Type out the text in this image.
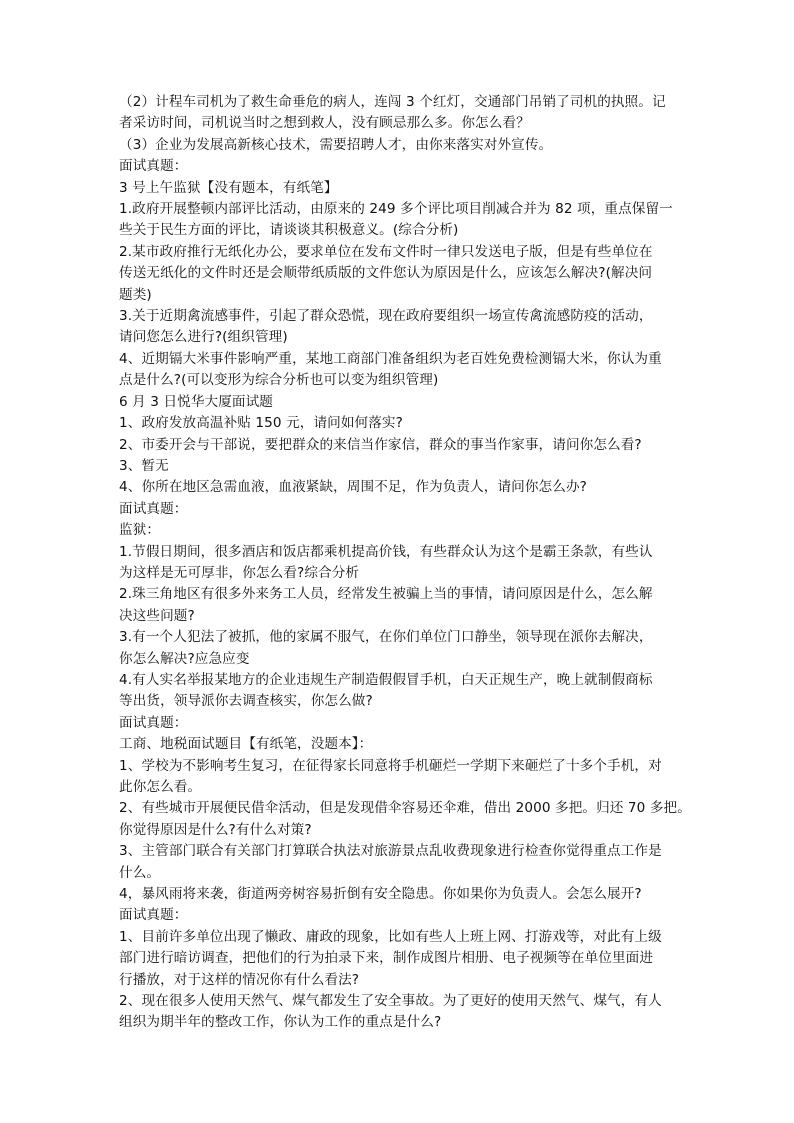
（2）计程车司机为了救生命垂危的病人，连闯 3 个红灯，交通部门吊销了司机的执照。记
者采访时间，司机说当时之想到救人，没有顾忌那么多。你怎么看？
（3）企业为发展高新核心技术，需要招聘人才，由你来落实对外宣传。
面试真题：
3 号上午监狱【没有题本，有纸笔】
1.政府开展整顿内部评比活动，由原来的 249 多个评比项目削减合并为 82 项，重点保留一
些关于民生方面的评比，请谈谈其积极意义。(综合分析)
2.某市政府推行无纸化办公，要求单位在发布文件时一律只发送电子版，但是有些单位在
传送无纸化的文件时还是会顺带纸质版的文件您认为原因是什么，应该怎么解决?(解决问
题类)
3.关于近期禽流感事件，引起了群众恐慌，现在政府要组织一场宣传禽流感防疫的活动，
请问您怎么进行?(组织管理)
4、近期镉大米事件影响严重，某地工商部门准备组织为老百姓免费检测镉大米，你认为重
点是什么?(可以变形为综合分析也可以变为组织管理)
6 月 3 日悦华大厦面试题
1、政府发放高温补贴 150 元，请问如何落实?
2、市委开会与干部说，要把群众的来信当作家信，群众的事当作家事，请问你怎么看?
3、暂无
4、你所在地区急需血液，血液紧缺，周围不足，作为负责人，请问你怎么办?
面试真题：
监狱：
1.节假日期间，很多酒店和饭店都乘机提高价钱，有些群众认为这个是霸王条款，有些认
为这样是无可厚非，你怎么看?综合分析
2.珠三角地区有很多外来务工人员，经常发生被骗上当的事情，请问原因是什么，怎么解
决这些问题?
3.有一个人犯法了被抓，他的家属不服气，在你们单位门口静坐，领导现在派你去解决，
你怎么解决?应急应变
4.有人实名举报某地方的企业违规生产制造假假冒手机，白天正规生产，晚上就制假商标
等出货，领导派你去调查核实，你怎么做?
面试真题：
工商、地税面试题目【有纸笔，没题本】：
1、学校为不影响考生复习，在征得家长同意将手机砸烂一学期下来砸烂了十多个手机，对
此你怎么看。
2、有些城市开展便民借伞活动，但是发现借伞容易还伞难，借出 2000 多把。归还 70 多把。
你觉得原因是什么?有什么对策?
3、主管部门联合有关部门打算联合执法对旅游景点乱收费现象进行检查你觉得重点工作是
什么。
4，暴风雨将来袭，街道两旁树容易折倒有安全隐患。你如果你为负责人。会怎么展开?
面试真题：
1、目前许多单位出现了懒政、庸政的现象，比如有些人上班上网、打游戏等，对此有上级
部门进行暗访调查，把他们的行为拍录下来，制作成图片相册、电子视频等在单位里面进
行播放，对于这样的情况你有什么看法?
2、现在很多人使用天然气、煤气都发生了安全事故。为了更好的使用天然气、煤气，有人
组织为期半年的整改工作，你认为工作的重点是什么?
